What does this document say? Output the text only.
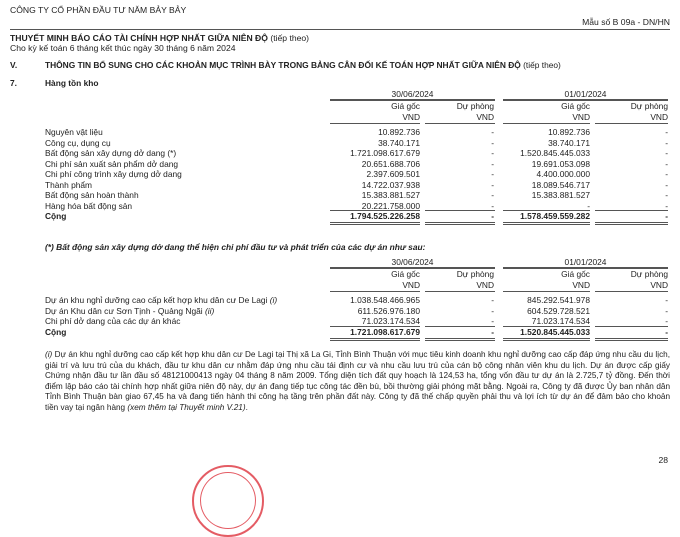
CÔNG TY CỔ PHẦN ĐẦU TƯ NĂM BẢY BẢY
Mẫu số B 09a - DN/HN
THUYẾT MINH BÁO CÁO TÀI CHÍNH HỢP NHẤT GIỮA NIÊN ĐỘ (tiếp theo)
Cho kỳ kế toán 6 tháng kết thúc ngày 30 tháng 6 năm 2024
V.	THÔNG TIN BỔ SUNG CHO CÁC KHOẢN MỤC TRÌNH BÀY TRONG BẢNG CÂN ĐỐI KẾ TOÁN HỢP NHẤT GIỮA NIÊN ĐỘ (tiếp theo)
7.	Hàng tồn kho
30/06/2024	01/01/2024
Giá gốc	Dự phòng	Giá gốc	Dự phòng
VND	VND	VND	VND
Nguyên vật liệu	10.892.736	-	10.892.736	-
Công cụ, dụng cụ	38.740.171	-	38.740.171	-
Bất động sản xây dựng dở dang (*)	1.721.098.617.679	-	1.520.845.445.033	-
Chi phí sản xuất sản phẩm dở dang	20.651.688.706	-	19.691.053.098	-
Chi phí công trình xây dựng dở dang	2.397.609.501	-	4.400.000.000	-
Thành phẩm	14.722.037.938	-	18.089.546.717	-
Bất động sản hoàn thành	15.383.881.527	-	15.383.881.527	-
Hàng hóa bất động sản	20.221.758.000	-	-	-
Cộng	1.794.525.226.258	-	1.578.459.559.282	-
(*) Bất động sản xây dựng dở dang thể hiện chi phí đầu tư và phát triển của các dự án như sau:
30/06/2024	01/01/2024
Giá gốc	Dự phòng	Giá gốc	Dự phòng
VND	VND	VND	VND
Dự án khu nghỉ dưỡng cao cấp kết hợp khu dân cư De Lagi (i)	1.038.548.466.965	-	845.292.541.978	-
Dự án Khu dân cư Sơn Tịnh - Quảng Ngãi (ii)	611.526.976.180	-	604.529.728.521	-
Chi phí dở dang của các dự án khác	71.023.174.534	-	71.023.174.534	-
Cộng	1.721.098.617.679	-	1.520.845.445.033	-
(i) Dự án khu nghỉ dưỡng cao cấp kết hợp khu dân cư De Lagi tại Thị xã La Gi, Tỉnh Bình Thuận với mục tiêu kinh doanh khu nghỉ dưỡng cao cấp đáp ứng nhu cầu du lịch, giải trí và lưu trú của du khách, đầu tư khu dân cư nhằm đáp ứng nhu cầu tái định cư và nhu cầu lưu trú của cán bộ công nhân viên khu du lịch. Dự án được cấp giấy Chứng nhận đầu tư lần đầu số 48121000413 ngày 04 tháng 8 năm 2009. Tổng diện tích đất quy hoạch là 124,53 ha, tổng vốn đầu tư dự án là 2.725,7 tỷ đồng. Đến thời điểm lập báo cáo tài chính hợp nhất giữa niên độ này, dự án đang tiếp tục công tác đền bù, bồi thường giải phóng mặt bằng. Ngoài ra, Công ty đã được Ủy ban nhân dân Tỉnh Bình Thuận bàn giao 67,45 ha và đang tiến hành thi công hạ tầng trên phần đất này. Công ty đã thế chấp quyền phải thu và lợi ích từ dự án để đảm bảo cho khoản tiền vay tại ngân hàng (xem thêm tại Thuyết minh V.21).
28
